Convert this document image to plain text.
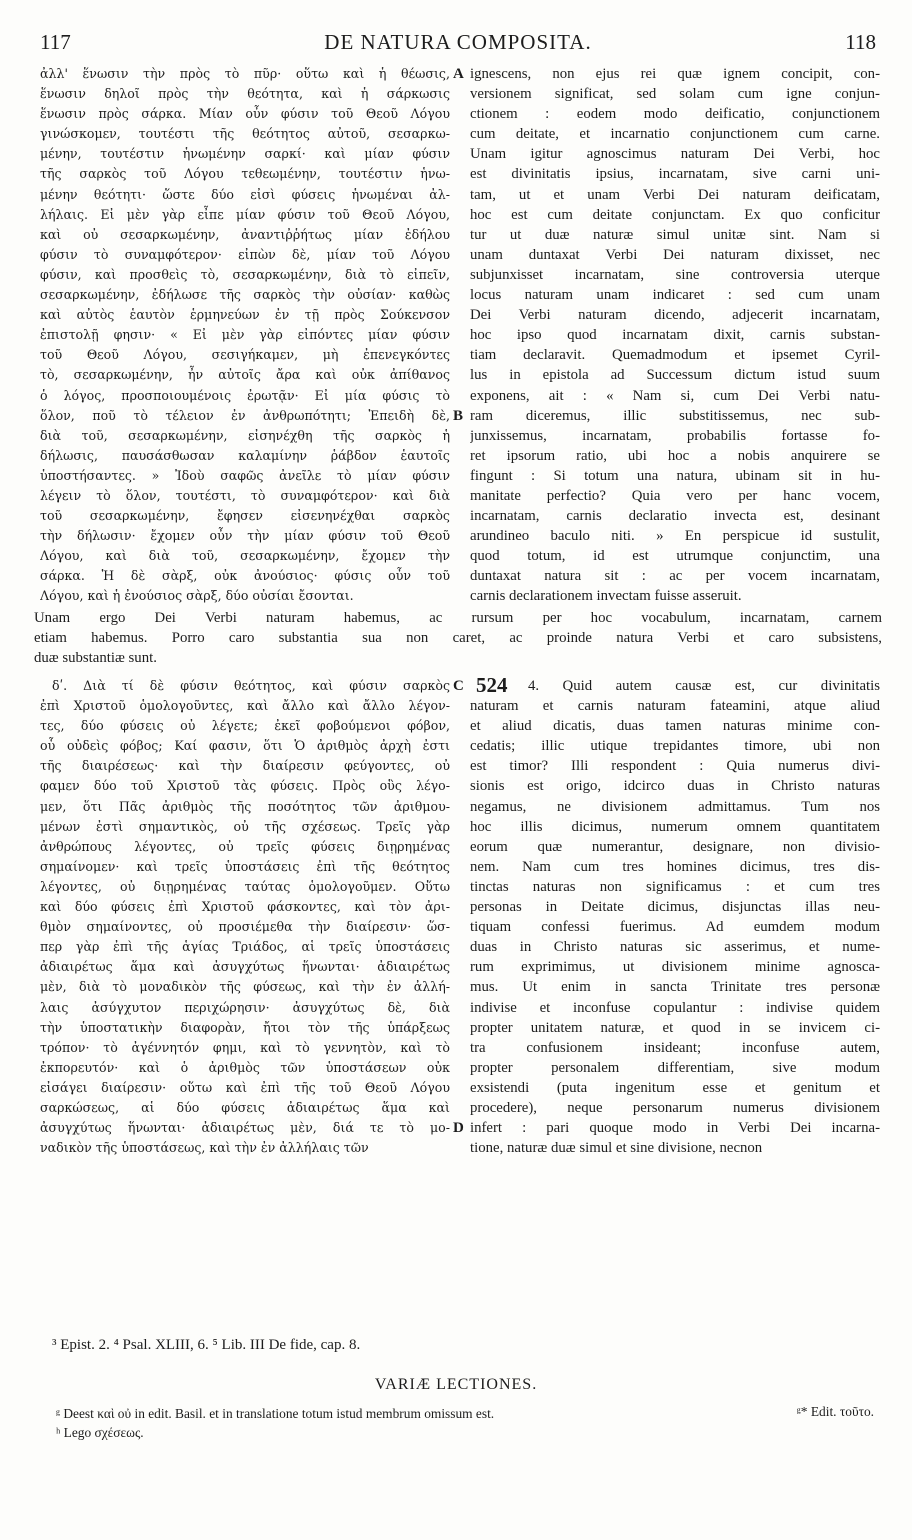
117	DE NATURA COMPOSITA.	118
ἀλλ' ἕνωσιν τὴν πρὸς τὸ πῦρ· οὕτω καὶ ἡ θέωσις,
ἕνωσιν δηλοῖ πρὸς τὴν θεότητα, καὶ ἡ σάρκωσις
ἕνωσιν πρὸς σάρκα. Μίαν οὖν φύσιν τοῦ Θεοῦ Λόγου
γινώσκομεν, τουτέστι τῆς θεότητος αὐτοῦ, σεσαρκω-
μένην, τουτέστιν ἡνωμένην σαρκί· καὶ μίαν φύσιν
τῆς σαρκὸς τοῦ Λόγου τεθεωμένην, τουτέστιν ἡνω-
μένην θεότητι· ὥστε δύο εἰσὶ φύσεις ἡνωμέναι ἀλ-
λήλαις. Εἰ μὲν γὰρ εἶπε μίαν φύσιν τοῦ Θεοῦ Λόγου,
καὶ οὐ σεσαρκωμένην, ἀναντιῤῥήτως μίαν ἐδήλου
φύσιν τὸ συναμφότερον· εἰπὼν δὲ, μίαν τοῦ Λόγου
φύσιν, καὶ προσθεὶς τὸ, σεσαρκωμένην, διὰ τὸ εἰπεῖν,
σεσαρκωμένην, ἐδήλωσε τῆς σαρκὸς τὴν οὐσίαν· καθὼς
καὶ αὐτὸς ἑαυτὸν ἑρμηνεύων ἐν τῇ πρὸς Σούκενσον
ἐπιστολῇ φησιν· « Εἰ μὲν γὰρ εἰπόντες μίαν φύσιν
τοῦ Θεοῦ Λόγου, σεσιγήκαμεν, μὴ ἐπενεγκόντες
τὸ, σεσαρκωμένην, ἦν αὐτοῖς ἄρα καὶ οὐκ ἀπίθανος
ὁ λόγος, προσποιουμένοις ἐρωτᾷν· Εἰ μία φύσις τὸ
ὅλον, ποῦ τὸ τέλειον ἐν ἀνθρωπότητι; Ἐπειδὴ δὲ,
διὰ τοῦ, σεσαρκωμένην, εἰσηνέχθη τῆς σαρκὸς ἡ
δήλωσις, παυσάσθωσαν καλαμίνην ῥάβδον ἑαυτοῖς
ὑποστήσαντες. » Ἰδοὺ σαφῶς ἀνεῖλε τὸ μίαν φύσιν
λέγειν τὸ ὅλον, τουτέστι, τὸ συναμφότερον· καὶ διὰ
τοῦ σεσαρκωμένην, ἔφησεν εἰσενηνέχθαι σαρκὸς
τὴν δήλωσιν· ἔχομεν οὖν τὴν μίαν φύσιν τοῦ Θεοῦ
Λόγου, καὶ διὰ τοῦ, σεσαρκωμένην, ἔχομεν τὴν
σάρκα. Ἡ δὲ σὰρξ, οὐκ ἀνούσιος· φύσις οὖν τοῦ
Λόγου, καὶ ἡ ἐνούσιος σὰρξ, δύο οὐσίαι ἔσονται.
ignescens, non ejus rei quæ ignem concipit, con-
versionem significat, sed solam cum igne conjun-
ctionem : eodem modo deificatio, conjunctionem
cum deitate, et incarnatio conjunctionem cum carne.
Unam igitur agnoscimus naturam Dei Verbi, hoc
est divinitatis ipsius, incarnatam, sive carni uni-
tam, ut et unam Verbi Dei naturam deificatam,
hoc est cum deitate conjunctam. Ex quo conficitur
tur ut duæ naturæ simul unitæ sint. Nam si
unam duntaxat Verbi Dei naturam dixisset, nec
subjunxisset incarnatam, sine controversia uterque
locus naturam unam indicaret : sed cum unam
Dei Verbi naturam dicendo, adjecerit incarnatam,
hoc ipso quod incarnatam dixit, carnis substan-
tiam declaravit. Quemadmodum et ipsemet Cyril-
lus in epistola ad Successum dictum istud suum
exponens, ait : « Nam si, cum Dei Verbi natu-
ram diceremus, illic substitissemus, nec sub-
junxissemus, incarnatam, probabilis fortasse fo-
ret ipsorum ratio, ubi hoc a nobis anquirere se
fingunt : Si totum una natura, ubinam sit in hu-
manitate perfectio? Quia vero per hanc vocem,
incarnatam, carnis declaratio invecta est, desinant
arundineo baculo niti. » En perspicue id sustulit,
quod totum, id est utrumque conjunctim, una
duntaxat natura sit : ac per vocem incarnatam,
carnis declarationem invectam fuisse asseruit.
A
B
Unam ergo Dei Verbi naturam habemus, ac rursum per hoc vocabulum, incarnatam, carnem
etiam habemus. Porro caro substantia sua non caret, ac proinde natura Verbi et caro subsistens,
duæ substantiæ sunt.
δʹ. Διὰ τί δὲ φύσιν θεότητος, καὶ φύσιν σαρκὸς
ἐπὶ Χριστοῦ ὁμολογοῦντες, καὶ ἄλλο καὶ ἄλλο λέγον-
τες, δύο φύσεις οὐ λέγετε; ἐκεῖ φοβούμενοι φόβον,
οὗ οὐδεὶς φόβος; Καί φασιν, ὅτι Ὁ ἀριθμὸς ἀρχὴ ἐστι
τῆς διαιρέσεως· καὶ τὴν διαίρεσιν φεύγοντες, οὐ
φαμεν δύο τοῦ Χριστοῦ τὰς φύσεις. Πρὸς οὓς λέγο-
μεν, ὅτι Πᾶς ἀριθμὸς τῆς ποσότητος τῶν ἀριθμου-
μένων ἐστὶ σημαντικὸς, οὐ τῆς σχέσεως. Τρεῖς γὰρ
ἀνθρώπους λέγοντες, οὐ τρεῖς φύσεις διῃρημένας
σημαίνομεν· καὶ τρεῖς ὑποστάσεις ἐπὶ τῆς θεότητος
λέγοντες, οὐ διῃρημένας ταύτας ὁμολογοῦμεν. Οὕτω
καὶ δύο φύσεις ἐπὶ Χριστοῦ φάσκοντες, καὶ τὸν ἀρι-
θμὸν σημαίνοντες, οὐ προσιέμεθα τὴν διαίρεσιν· ὥσ-
περ γὰρ ἐπὶ τῆς ἁγίας Τριάδος, αἱ τρεῖς ὑποστάσεις
ἀδιαιρέτως ἅμα καὶ ἀσυγχύτως ἥνωνται· ἀδιαιρέτως
μὲν, διὰ τὸ μοναδικὸν τῆς φύσεως, καὶ τὴν ἐν ἀλλή-
λαις ἀσύγχυτον περιχώρησιν· ἀσυγχύτως δὲ, διὰ
τὴν ὑποστατικὴν διαφορὰν, ἤτοι τὸν τῆς ὑπάρξεως
τρόπον· τὸ ἀγέννητόν φημι, καὶ τὸ γεννητὸν, καὶ τὸ
ἐκπορευτόν· καὶ ὁ ἀριθμὸς τῶν ὑποστάσεων οὐκ
εἰσάγει διαίρεσιν· οὕτω καὶ ἐπὶ τῆς τοῦ Θεοῦ Λόγου
σαρκώσεως, αἱ δύο φύσεις ἀδιαιρέτως ἅμα καὶ
ἀσυγχύτως ἥνωνται· ἀδιαιρέτως μὲν, διά τε τὸ μο-
ναδικὸν τῆς ὑποστάσεως, καὶ τὴν ἐν ἀλλήλαις τῶν
C 524	4. Quid autem causæ est, cur divinitatis
naturam et carnis naturam fateamini, atque aliud
et aliud dicatis, duas tamen naturas minime con-
cedatis; illic utique trepidantes timore, ubi non
est timor? Illi respondent : Quia numerus divi-
sionis est origo, idcirco duas in Christo naturas
negamus, ne divisionem admittamus. Tum nos
hoc illis dicimus, numerum omnem quantitatem
eorum quæ numerantur, designare, non divisio-
nem. Nam cum tres homines dicimus, tres dis-
tinctas naturas non significamus : et cum tres
personas in Deitate dicimus, disjunctas illas neu-
tiquam confessi fuerimus. Ad eumdem modum
duas in Christo naturas sic asserimus, et nume-
rum exprimimus, ut divisionem minime agnosca-
mus. Ut enim in sancta Trinitate tres personæ
indivise et inconfuse copulantur : indivise quidem
propter unitatem naturæ, et quod in se invicem ci-
tra confusionem insideant; inconfuse autem,
propter personalem differentiam, sive modum
exsistendi (puta ingenitum esse et genitum et
procedere), neque personarum numerus divisionem
infert : pari quoque modo in Verbi Dei incarna-
tione, naturæ duæ simul et sine divisione, necnon
D
³ Epist. 2. ⁴ Psal. XLIII, 6. ⁵ Lib. III De fide, cap. 8.
VARIÆ LECTIONES.
ᵍ Deest καὶ οὐ in edit. Basil. et in translatione totum istud membrum omissum est.
ʰ Lego σχέσεως.
ᵍ* Edit. τοῦτο.
